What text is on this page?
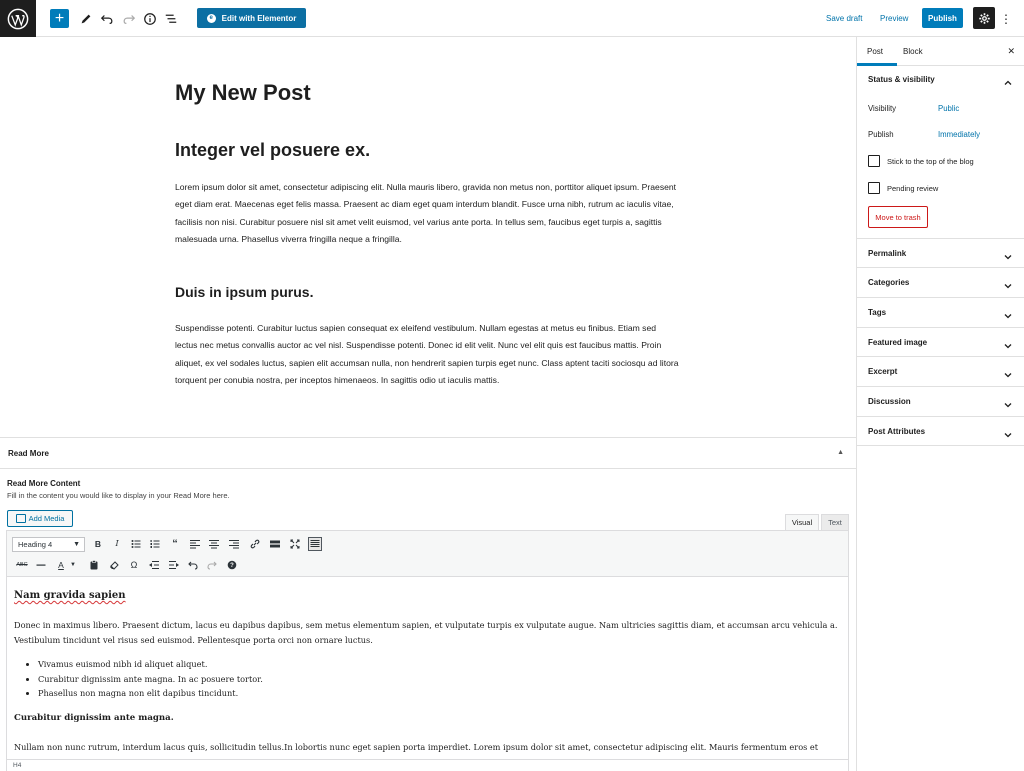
+	e	Edit with Elementor	Save draft Preview	Publish	⋮
My New Post
Integer vel posuere ex.
Lorem ipsum dolor sit amet, consectetur adipiscing elit. Nulla mauris libero, gravida non metus non, porttitor aliquet ipsum. Praesent eget diam erat. Maecenas eget felis massa. Praesent ac diam eget quam interdum blandit. Fusce urna nibh, rutrum ac iaculis vitae, facilisis non nisi. Curabitur posuere nisl sit amet velit euismod, vel varius ante porta. In tellus sem, faucibus eget turpis a, sagittis malesuada urna. Phasellus viverra fringilla neque a fringilla.
Duis in ipsum purus.
Suspendisse potenti. Curabitur luctus sapien consequat ex eleifend vestibulum. Nullam egestas at metus eu finibus. Etiam sed lectus nec metus convallis auctor ac vel nisl. Suspendisse potenti. Donec id elit velit. Nunc vel elit quis est faucibus mattis. Proin aliquet, ex vel sodales luctus, sapien elit accumsan nulla, non hendrerit sapien turpis eget nunc. Class aptent taciti sociosqu ad litora torquent per conubia nostra, per inceptos himenaeos. In sagittis odio ut iaculis mattis.
Read More	▲
Read More Content
Fill in the content you would like to display in your Read More here.
Add Media	Visual	Text
Heading 4	▼	B	I	“
ABC	A	▼	Ω	?
Nam gravida sapien
Donec in maximus libero. Praesent dictum, lacus eu dapibus dapibus, sem metus elementum sapien, et vulputate turpis ex vulputate augue. Nam ultricies sagittis diam, et accumsan arcu vehicula a. Vestibulum tincidunt vel risus sed euismod. Pellentesque porta orci non ornare luctus.
• Vivamus euismod nibh id aliquet aliquet.
• Curabitur dignissim ante magna. In ac posuere tortor.
• Phasellus non magna non elit dapibus tincidunt.
Curabitur dignissim ante magna.
Nullam non nunc rutrum, interdum lacus quis, sollicitudin tellus.In lobortis nunc eget sapien porta imperdiet. Lorem ipsum dolor sit amet, consectetur adipiscing elit. Mauris fermentum eros et
H4
Post Block	✕
Status & visibility
Visibility	Public
Publish	Immediately
Stick to the top of the blog
Pending review
Move to trash
Permalink
Categories
Tags
Featured image
Excerpt
Discussion
Post Attributes
